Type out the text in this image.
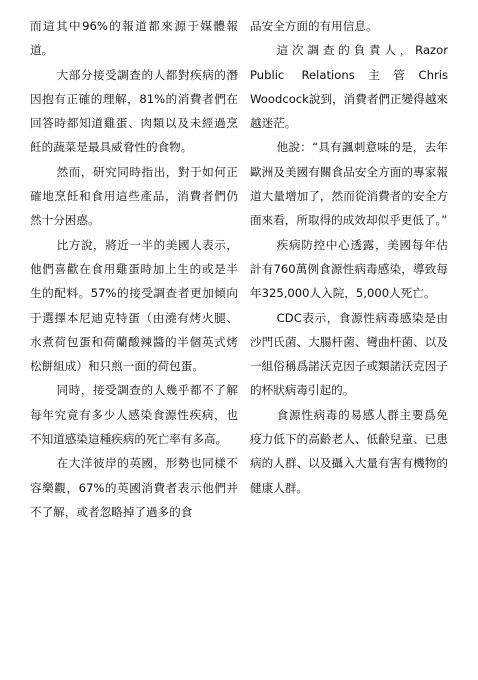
而這其中96%的報道都來源于媒體報道。

大部分接受調查的人都對疾病的潛因抱有正確的理解，81%的消費者們在回答時都知道雞蛋、肉類以及未經過烹飪的蔬菜是最具威脅性的食物。

然而，研究同時指出，對于如何正確地烹飪和食用這些產品，消費者們仍然十分困惑。

比方說，將近一半的美國人表示，他們喜歡在食用雞蛋時加上生的或是半生的配料。57%的接受調查者更加傾向于選擇本尼迪克特蛋（由澆有烤火腿、水煮荷包蛋和荷蘭酸辣醬的半個英式烤松餅組成）和只煎一面的荷包蛋。

同時，接受調查的人幾乎都不了解每年究竟有多少人感染食源性疾病，也不知道感染這種疾病的死亡率有多高。

在大洋彼岸的英國，形勢也同樣不容樂觀，67%的英國消費者表示他們并不了解，或者忽略掉了過多的食

品安全方面的有用信息。

這次調查的負責人，Razor Public Relations主管Chris Woodcock說到，消費者們正變得越來越迷茫。

他說：“具有諷刺意味的是，去年歐洲及美國有關食品安全方面的專家報道大量增加了，然而從消費者的安全方面來看，所取得的成效却似乎更低了。”

疾病防控中心透露，美國每年估計有760萬例食源性病毒感染，導致每年325,000人入院，5,000人死亡。

CDC表示，食源性病毒感染是由沙門氏菌、大腸杆菌、彎曲杆菌、以及一組俗稱爲諾沃克因子或類諾沃克因子的杯狀病毒引起的。

食源性病毒的易感人群主要爲免疫力低下的高齡老人、低齡兒童、已患病的人群、以及攝入大量有害有機物的健康人群。
